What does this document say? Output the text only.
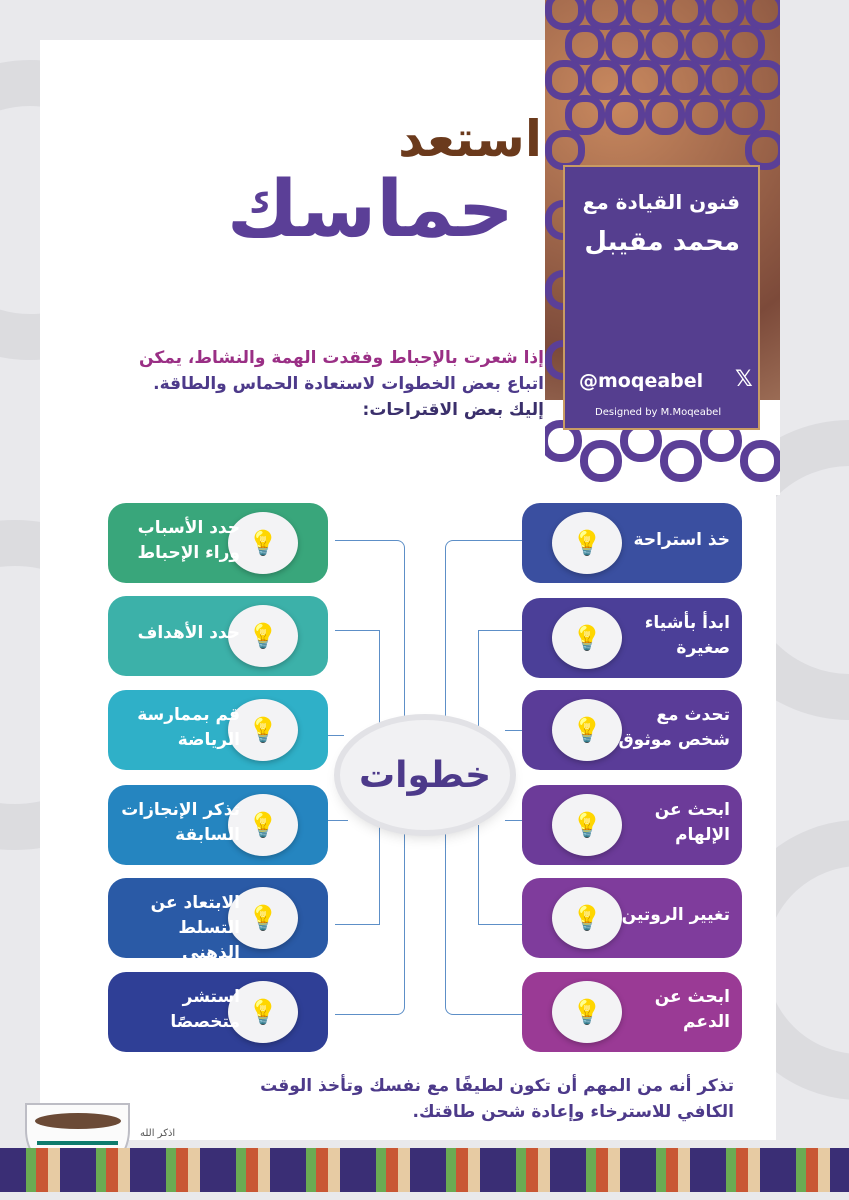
فنون القيادة مع
محمد مقيبل
@moqeabel 𝕏
Designed by M.Moqeabel
استعد
حماسك
إذا شعرت بالإحباط وفقدت الهمة والنشاط، يمكن
اتباع بعض الخطوات لاستعادة الحماس والطاقة.
إليك بعض الاقتراحات:
خطوات
💡	خذ استراحة
💡
ابدأ بأشياء
صغيرة
💡
تحدث مع
شخص موثوق
💡
ابحث عن
الإلهام
💡	تغيير الروتين
💡
ابحث عن
الدعم
💡
حدد الأسباب
وراء الإحباط
💡
حدد الأهداف
💡
قم بممارسة
الرياضة
💡
تذكر الإنجازات
السابقة
💡
الابتعاد عن
التسلط الذهني
💡
استشر
متخصصًا
تذكر أنه من المهم أن تكون لطيفًا مع نفسك وتأخذ الوقت
الكافي للاسترخاء وإعادة شحن طاقتك.
اذكر الله
